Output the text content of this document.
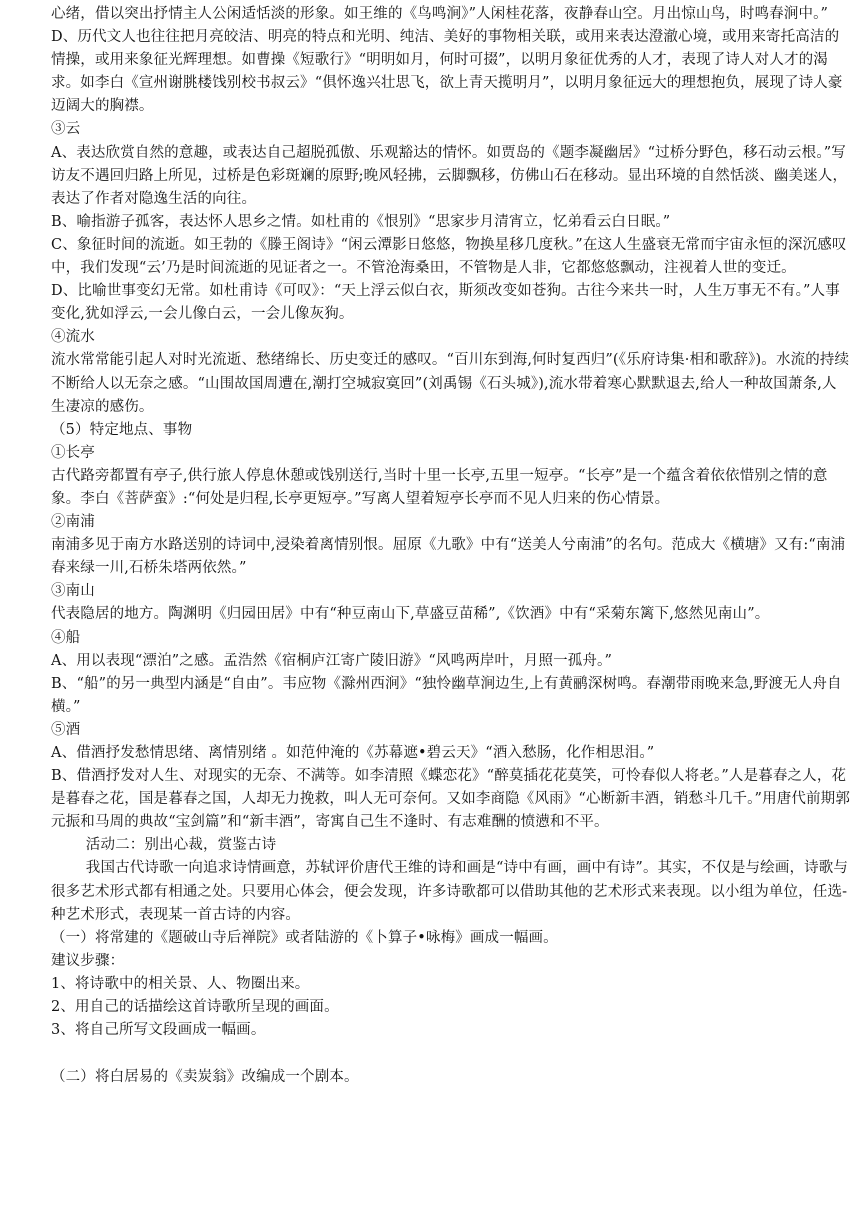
心绪，借以突出抒情主人公闲适恬淡的形象。如王维的《鸟鸣涧》”人闲桂花落，夜静春山空。月出惊山鸟，时鸣春涧中。”

D、历代文人也往往把月亮皎洁、明亮的特点和光明、纯洁、美好的事物相关联，或用来表达澄澈心境，或用来寄托高洁的情操，或用来象征光辉理想。如曹操《短歌行》“明明如月，何时可掇”，以明月象征优秀的人才，表现了诗人对人才的渴求。如李白《宣州谢朓楼饯别校书叔云》“俱怀逸兴壮思飞，欲上青天揽明月”，以明月象征远大的理想抱负，展现了诗人豪迈阔大的胸襟。

③云

A、表达欣赏自然的意趣，或表达自己超脱孤傲、乐观豁达的情怀。如贾岛的《题李凝幽居》“过桥分野色，移石动云根。”写访友不遇回归路上所见，过桥是色彩斑斓的原野;晚风轻拂，云脚飘移，仿佛山石在移动。显出环境的自然恬淡、幽美迷人，表达了作者对隐逸生活的向往。

B、喻指游子孤客，表达怀人思乡之情。如杜甫的《恨别》“思家步月清宵立，忆弟看云白日眠。”

C、象征时间的流逝。如王勃的《滕王阁诗》“闲云潭影日悠悠，物换星移几度秋。”在这人生盛衰无常而宇宙永恒的深沉感叹中，我们发现“云’乃是时间流逝的见证者之一。不管沧海桑田，不管物是人非，它都悠悠飘动，注视着人世的变迁。

D、比喻世事变幻无常。如杜甫诗《可叹》：“天上浮云似白衣，斯须改变如苍狗。古往今来共一时，人生万事无不有。”人事变化,犹如浮云,一会儿像白云，一会儿像灰狗。

④流水

流水常常能引起人对时光流逝、愁绪绵长、历史变迁的感叹。“百川东到海,何时复西归”(《乐府诗集·相和歌辞》)。水流的持续不断给人以无奈之感。“山围故国周遭在,潮打空城寂寞回”(刘禹锡《石头城》),流水带着寒心默默退去,给人一种故国萧条,人生凄凉的感伤。

（5）特定地点、事物

①长亭

古代路旁都置有亭子,供行旅人停息休憩或饯别送行,当时十里一长亭,五里一短亭。“长亭”是一个蕴含着依依惜别之情的意象。李白《菩萨蛮》:“何处是归程,长亭更短亭。”写离人望着短亭长亭而不见人归来的伤心情景。

②南浦

南浦多见于南方水路送别的诗词中,浸染着离情别恨。屈原《九歌》中有“送美人兮南浦”的名句。范成大《横塘》又有:“南浦春来绿一川,石桥朱塔两依然。”

③南山

代表隐居的地方。陶渊明《归园田居》中有“种豆南山下,草盛豆苗稀”,《饮酒》中有“采菊东篱下,悠然见南山”。

④船

A、用以表现“漂泊”之感。孟浩然《宿桐庐江寄广陵旧游》“风鸣两岸叶，月照一孤舟。”

B、“船”的另一典型内涵是“自由”。韦应物《滁州西涧》“独怜幽草涧边生,上有黄鹂深树鸣。春潮带雨晚来急,野渡无人舟自横。”

⑤酒

A、借酒抒发愁情思绪、离情别绪 。如范仲淹的《苏幕遮•碧云天》“酒入愁肠，化作相思泪。”

B、借酒抒发对人生、对现实的无奈、不满等。如李清照《蝶恋花》“醉莫插花花莫笑，可怜春似人将老。”人是暮春之人，花是暮春之花，国是暮春之国，人却无力挽救，叫人无可奈何。又如李商隐《风雨》“心断新丰酒，销愁斗几千。”用唐代前期郭元振和马周的典故“宝剑篇”和“新丰酒”，寄寓自己生不逢时、有志难酬的愤懑和不平。

活动二：别出心裁，赏鉴古诗

我国古代诗歌一向追求诗情画意，苏轼评价唐代王维的诗和画是“诗中有画，画中有诗”。其实，不仅是与绘画，诗歌与很多艺术形式都有相通之处。只要用心体会，便会发现，许多诗歌都可以借助其他的艺术形式来表现。以小组为单位，任选-种艺术形式，表现某一首古诗的内容。

（一）将常建的《题破山寺后禅院》或者陆游的《卜算子•咏梅》画成一幅画。

建议步骤：

1、将诗歌中的相关景、人、物圈出来。

2、用自己的话描绘这首诗歌所呈现的画面。

3、将自己所写文段画成一幅画。

（二）将白居易的《卖炭翁》改编成一个剧本。
